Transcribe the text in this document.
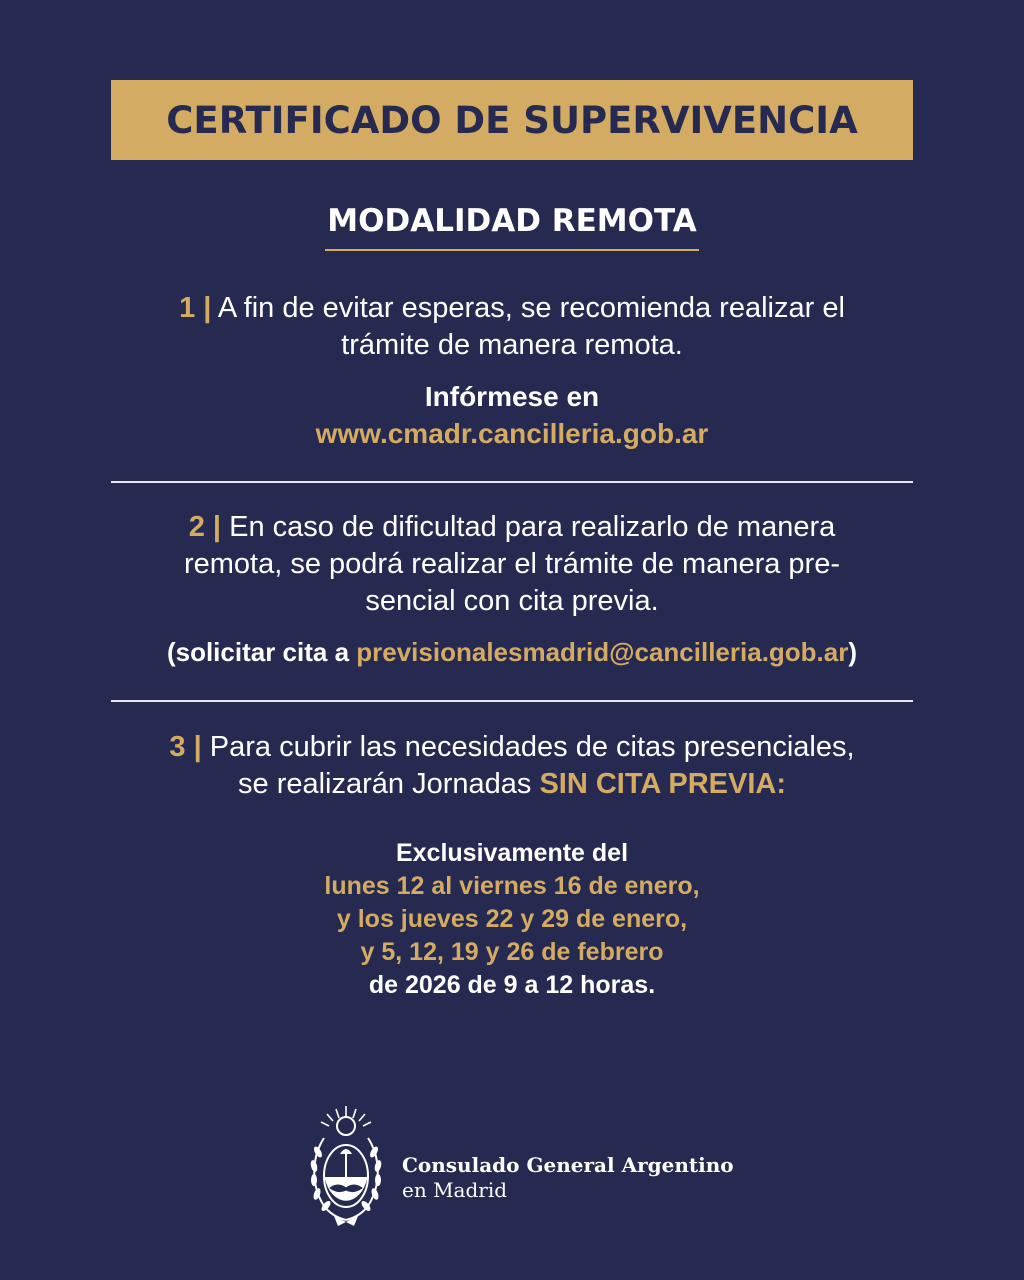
CERTIFICADO DE SUPERVIVENCIA
MODALIDAD REMOTA

1 | A fin de evitar esperas, se recomienda realizar el
trámite de manera remota.

Infórmese en
www.cmadr.cancilleria.gob.ar

2 | En caso de dificultad para realizarlo de manera
remota, se podrá realizar el trámite de manera pre-
sencial con cita previa.

(solicitar cita a previsionalesmadrid@cancilleria.gob.ar)

3 | Para cubrir las necesidades de citas presenciales,
se realizarán Jornadas SIN CITA PREVIA:

Exclusivamente del
lunes 12 al viernes 16 de enero,
y los jueves 22 y 29 de enero,
y 5, 12, 19 y 26 de febrero
de 2026 de 9 a 12 horas.

Consulado General Argentino
en Madrid
